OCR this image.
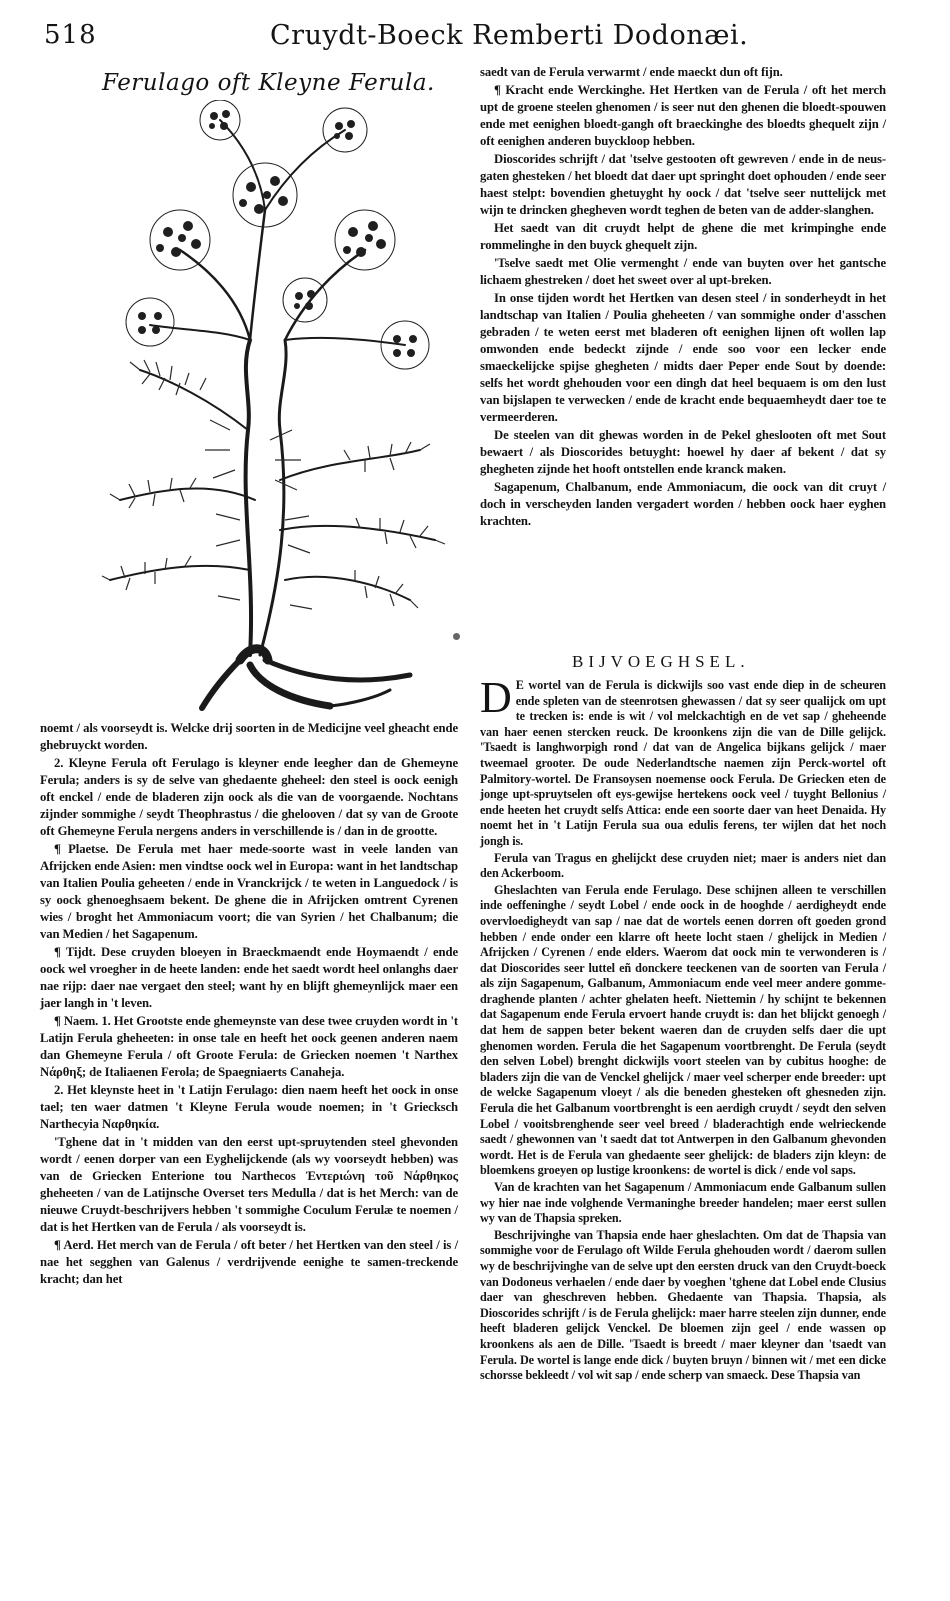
518	Cruydt-Boeck Remberti Dodonæi.
Ferulago oft Kleyne Ferula.

noemt / als voorseydt is. Welcke drij soorten in de Medicijne veel gheacht ende ghebruyckt worden.

2. Kleyne Ferula oft Ferulago is kleyner ende leegher dan de Ghemeyne Ferula; anders is sy de selve van ghedaente gheheel: den steel is oock eenigh oft enckel / ende de bladeren zijn oock als die van de voorgaende. Nochtans zijnder sommighe / seydt Theophrastus / die ghelooven / dat sy van de Groote oft Ghemeyne Ferula nergens anders in verschillende is / dan in de grootte.

¶ Plaetse. De Ferula met haer mede-soorte wast in veele landen van Afrijcken ende Asien: men vindtse oock wel in Europa: want in het landtschap van Italien Poulia geheeten / ende in Vranckrijck / te weten in Languedock / is sy oock ghenoeghsaem bekent. De ghene die in Afrijcken omtrent Cyrenen wies / broght het Ammoniacum voort; die van Syrien / het Chalbanum; die van Medien / het Sagapenum.

¶ Tijdt. Dese cruyden bloeyen in Braeckmaendt ende Hoymaendt / ende oock wel vroegher in de heete landen: ende het saedt wordt heel onlanghs daer nae rijp: daer nae vergaet den steel; want hy en blijft ghemeynlijck maer een jaer langh in 't leven.

¶ Naem. 1. Het Grootste ende ghemeynste van dese twee cruyden wordt in 't Latijn Ferula gheheeten: in onse tale en heeft het oock geenen anderen naem dan Ghemeyne Ferula / oft Groote Ferula: de Griecken noemen 't Narthex Νάρθηξ; de Italiaenen Ferola; de Spaegniaerts Canaheja.

2. Het kleynste heet in 't Latijn Ferulago: dien naem heeft het oock in onse tael; ten waer datmen 't Kleyne Ferula woude noemen; in 't Griecksch Narthecyia Ναρθηκία.

'Tghene dat in 't midden van den eerst upt-spruytenden steel ghevonden wordt / eenen dorper van een Eyghelijckende (als wy voorseydt hebben) was van de Griecken Enterione tou Narthecos Ἐντεριώνη τοῦ Νάρθηκος gheheeten / van de Latijnsche Overset ters Medulla / dat is het Merch: van de nieuwe Cruydt-beschrijvers hebben 't sommighe Coculum Ferulæ te noemen / dat is het Hertken van de Ferula / als voorseydt is.

¶ Aerd. Het merch van de Ferula / oft beter / het Hertken van den steel / is / nae het segghen van Galenus / verdrijvende eenighe te samen-treckende kracht; dan het

saedt van de Ferula verwarmt / ende maeckt dun oft fijn.

¶ Kracht ende Werckinghe. Het Hertken van de Ferula / oft het merch upt de groene steelen ghenomen / is seer nut den ghenen die bloedt-spouwen ende met eenighen bloedt-gangh oft braeckinghe des bloedts ghequelt zijn / oft eenighen anderen buyckloop hebben.

Dioscorides schrijft / dat 'tselve gestooten oft gewreven / ende in de neus-gaten ghesteken / het bloedt dat daer upt springht doet ophouden / ende seer haest stelpt: bovendien ghetuyght hy oock / dat 'tselve seer nuttelijck met wijn te drincken ghegheven wordt teghen de beten van de adder-slanghen.

Het saedt van dit cruydt helpt de ghene die met krimpinghe ende rommelinghe in den buyck ghequelt zijn.

'Tselve saedt met Olie vermenght / ende van buyten over het gantsche lichaem ghestreken / doet het sweet over al upt-breken.

In onse tijden wordt het Hertken van desen steel / in sonderheydt in het landtschap van Italien / Poulia gheheeten / van sommighe onder d'asschen gebraden / te weten eerst met bladeren oft eenighen lijnen oft wollen lap omwonden ende bedeckt zijnde / ende soo voor een lecker ende smaeckelijcke spijse ghegheten / midts daer Peper ende Sout by doende: selfs het wordt ghehouden voor een dingh dat heel bequaem is om den lust van bijslapen te verwecken / ende de kracht ende bequaemheydt daer toe te vermeerderen.

De steelen van dit ghewas worden in de Pekel gheslooten oft met Sout bewaert / als Dioscorides betuyght: hoewel hy daer af bekent / dat sy ghegheten zijnde het hooft ontstellen ende kranck maken.

Sagapenum, Chalbanum, ende Ammoniacum, die oock van dit cruyt / doch in verscheyden landen vergadert worden / hebben oock haer eyghen krachten.

BIJVOEGHSEL.

D E wortel van de Ferula is dickwijls soo vast ende diep in de scheuren ende spleten van de steenrotsen ghewassen / dat sy seer qualijck om upt te trecken is: ende is wit / vol melckachtigh en de vet sap / gheheende van haer eenen stercken reuck. De kroonkens zijn die van de Dille gelijck. 'Tsaedt is langhworpigh rond / dat van de Angelica bijkans gelijck / maer tweemael grooter. De oude Nederlandtsche naemen zijn Perck-wortel oft Palmitory-wortel. De Fransoysen noemense oock Ferula. De Griecken eten de jonge upt-spruytselen oft eys-gewijse hertekens oock veel / tuyght Bellonius / ende heeten het cruydt selfs Attica: ende een soorte daer van heet Denaida. Hy noemt het in 't Latijn Ferula sua oua edulis ferens, ter wijlen dat het noch jongh is.

Ferula van Tragus en ghelijckt dese cruyden niet; maer is anders niet dan den Ackerboom.

Gheslachten van Ferula ende Ferulago. Dese schijnen alleen te verschillen inde oeffeninghe / seydt Lobel / ende oock in de hooghde / aerdigheydt ende overvloedigheydt van sap / nae dat de wortels eenen dorren oft goeden grond hebben / ende onder een klarre oft heete locht staen / ghelijck in Medien / Afrijcken / Cyrenen / ende elders. Waerom dat oock min te verwonderen is / dat Dioscorides seer luttel eñ donckere teeckenen van de soorten van Ferula / als zijn Sagapenum, Galbanum, Ammoniacum ende veel meer andere gomme-draghende planten / achter ghelaten heeft. Niettemin / hy schijnt te bekennen dat Sagapenum ende Ferula ervoert hande cruydt is: dan het blijckt genoegh / dat hem de sappen beter bekent waeren dan de cruyden selfs daer die upt ghenomen worden. Ferula die het Sagapenum voortbrenght. De Ferula (seydt den selven Lobel) brenght dickwijls voort steelen van by cubitus hooghe: de bladers zijn die van de Venckel ghelijck / maer veel scherper ende breeder: upt de welcke Sagapenum vloeyt / als die beneden ghesteken oft ghesneden zijn. Ferula die het Galbanum voortbrenght is een aerdigh cruydt / seydt den selven Lobel / vooitsbrenghende seer veel breed / bladerachtigh ende welrieckende saedt / ghewonnen van 't saedt dat tot Antwerpen in den Galbanum ghevonden wordt. Het is de Ferula van ghedaente seer ghelijck: de bladers zijn kleyn: de bloemkens groeyen op lustige kroonkens: de wortel is dick / ende vol saps.

Van de krachten van het Sagapenum / Ammoniacum ende Galbanum sullen wy hier nae inde volghende Vermaninghe breeder handelen; maer eerst sullen wy van de Thapsia spreken.

Beschrijvinghe van Thapsia ende haer gheslachten. Om dat de Thapsia van sommighe voor de Ferulago oft Wilde Ferula ghehouden wordt / daerom sullen wy de beschrijvinghe van de selve upt den eersten druck van den Cruydt-boeck van Dodoneus verhaelen / ende daer by voeghen 'tghene dat Lobel ende Clusius daer van gheschreven hebben. Ghedaente van Thapsia. Thapsia, als Dioscorides schrijft / is de Ferula ghelijck: maer harre steelen zijn dunner, ende heeft bladeren gelijck Venckel. De bloemen zijn geel / ende wassen op kroonkens als aen de Dille. 'Tsaedt is breedt / maer kleyner dan 'tsaedt van Ferula. De wortel is lange ende dick / buyten bruyn / binnen wit / met een dicke schorsse bekleedt / vol wit sap / ende scherp van smaeck. Dese Thapsia van
